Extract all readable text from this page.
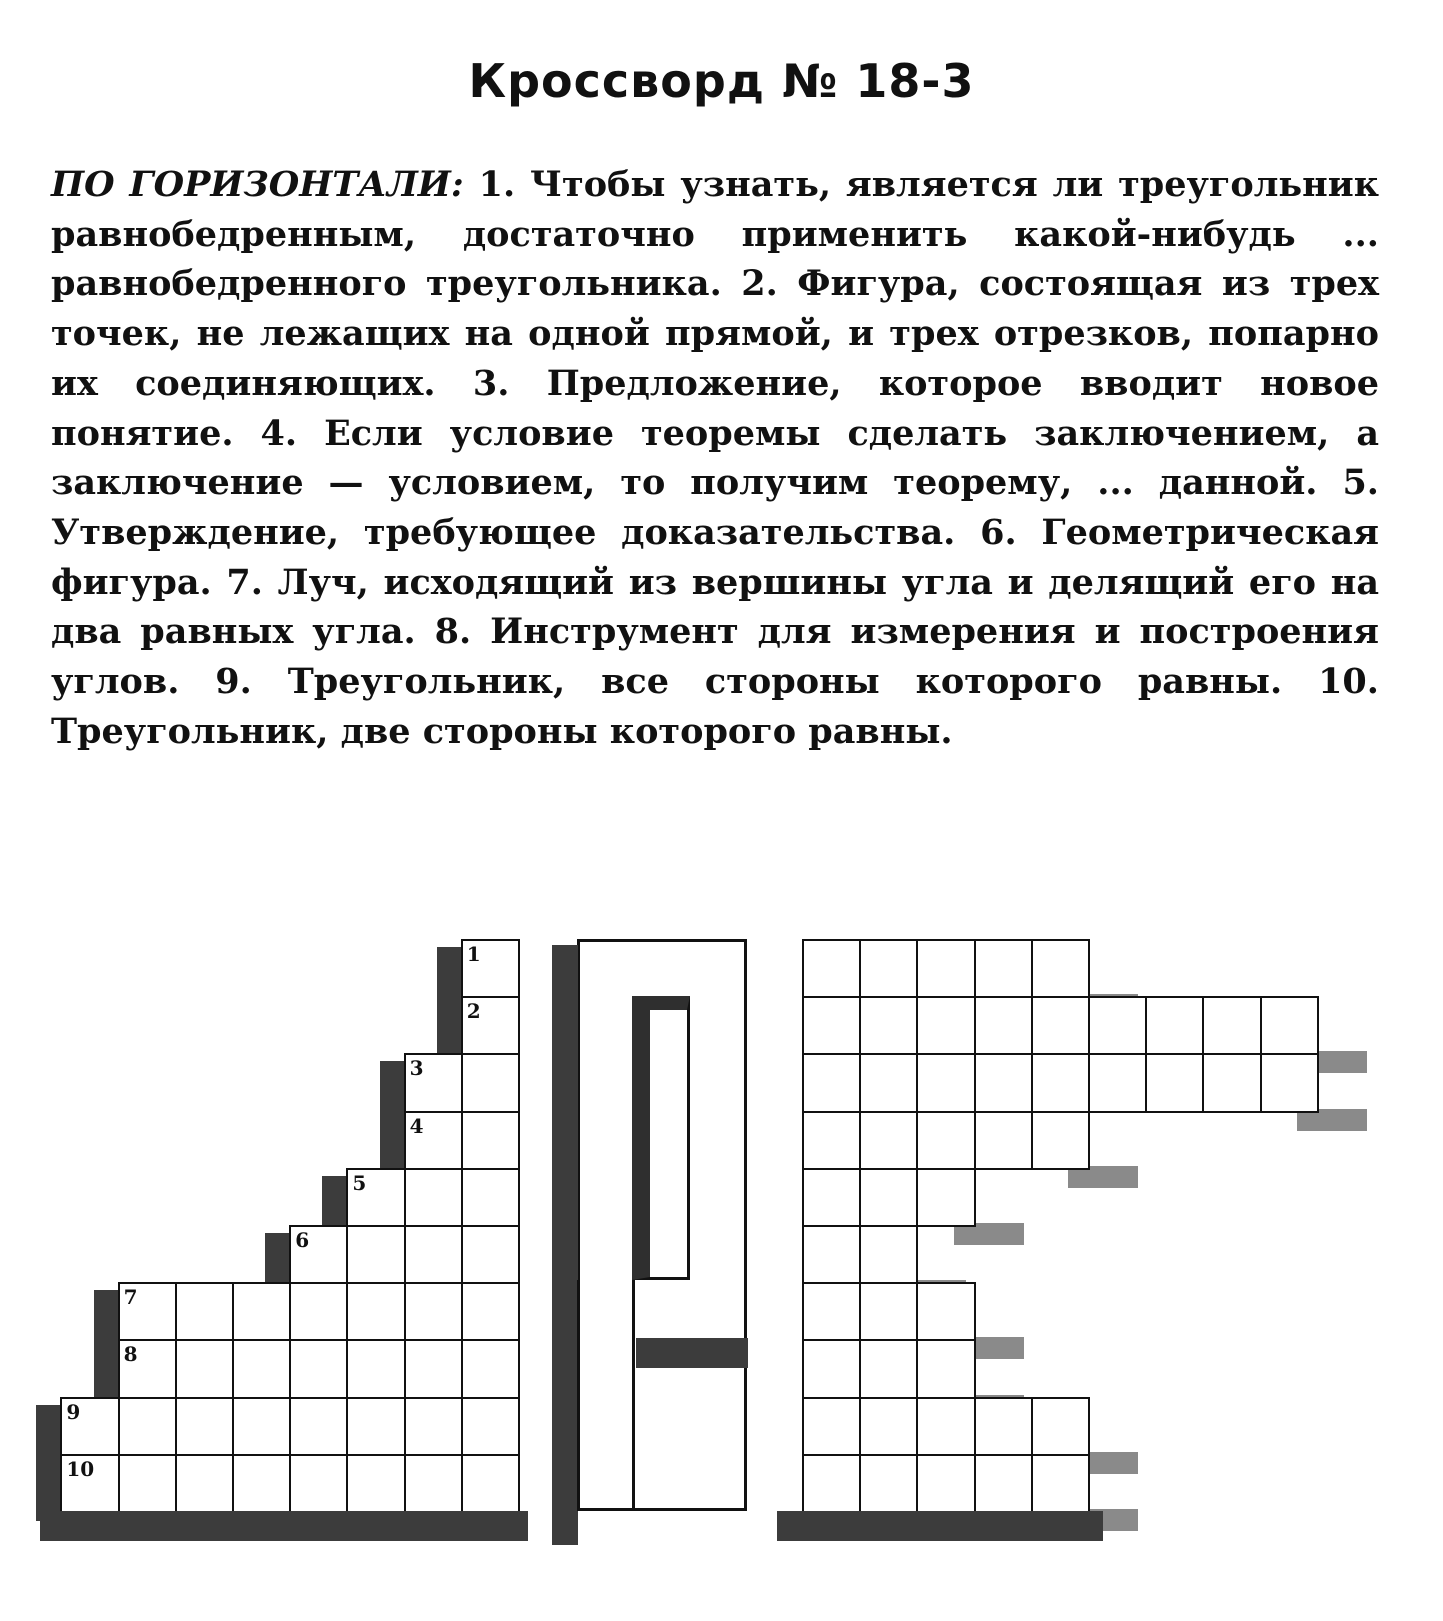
Кроссворд № 18-3
ПО ГОРИЗОНТАЛИ: 1. Чтобы узнать, является ли треугольник равнобедренным, достаточно применить какой-нибудь ... равнобедренного треугольника. 2. Фигура, состоящая из трех точек, не лежащих на одной прямой, и трех отрезков, попарно их соединяющих. 3. Предложение, которое вводит новое понятие. 4. Если условие теоремы сделать заключением, а заключение — условием, то получим теорему, ... данной. 5. Утверждение, требующее доказательства. 6. Геометрическая фигура. 7. Луч, исходящий из вершины угла и делящий его на два равных угла. 8. Инструмент для измерения и построения углов. 9. Треугольник, все стороны которого равны. 10. Треугольник, две стороны которого равны.
1
2
3
4
5
6
7
8
9
10
